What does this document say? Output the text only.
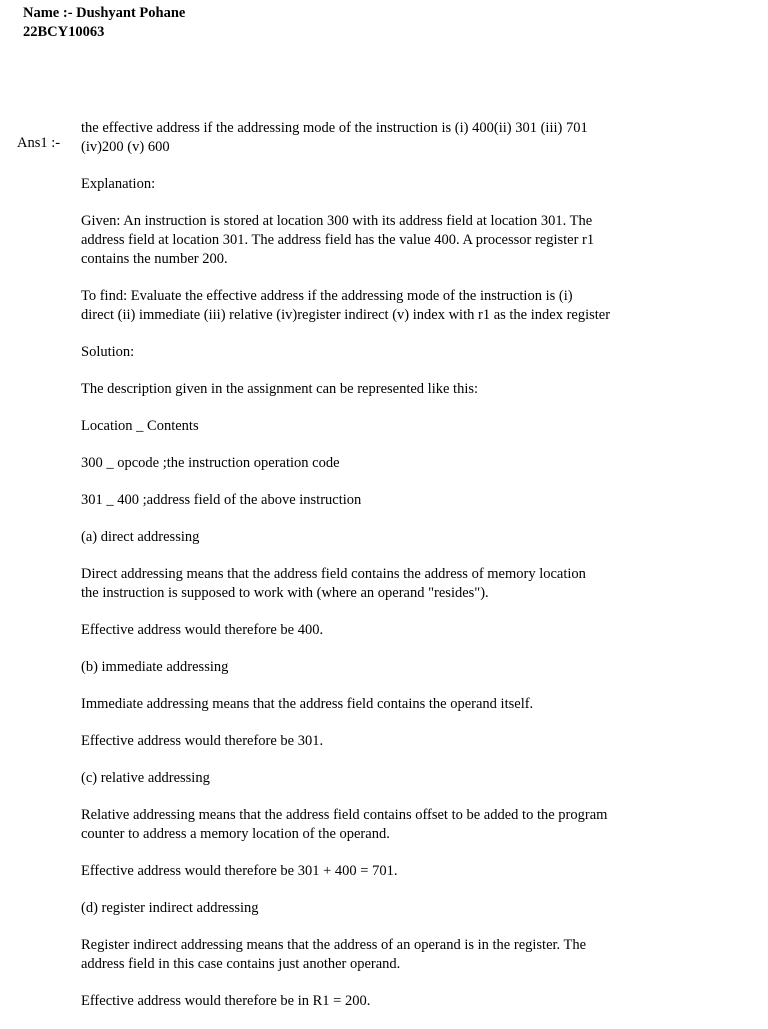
Name :- Dushyant Pohane
22BCY10063
Ans1 :-
the effective address if the addressing mode of the instruction is (i) 400(ii) 301 (iii) 701
(iv)200 (v) 600
Explanation:
Given: An instruction is stored at location 300 with its address field at location 301. The
address field at location 301. The address field has the value 400. A processor register r1
contains the number 200.
To find: Evaluate the effective address if the addressing mode of the instruction is (i)
direct (ii) immediate (iii) relative (iv)register indirect (v) index with r1 as the index register
Solution:
The description given in the assignment can be represented like this:
Location _ Contents
300 _ opcode ;the instruction operation code
301 _ 400 ;address field of the above instruction
(a) direct addressing
Direct addressing means that the address field contains the address of memory location
the instruction is supposed to work with (where an operand "resides").
Effective address would therefore be 400.
(b) immediate addressing
Immediate addressing means that the address field contains the operand itself.
Effective address would therefore be 301.
(c) relative addressing
Relative addressing means that the address field contains offset to be added to the program
counter to address a memory location of the operand.
Effective address would therefore be 301 + 400 = 701.
(d) register indirect addressing
Register indirect addressing means that the address of an operand is in the register. The
address field in this case contains just another operand.
Effective address would therefore be in R1 = 200.
